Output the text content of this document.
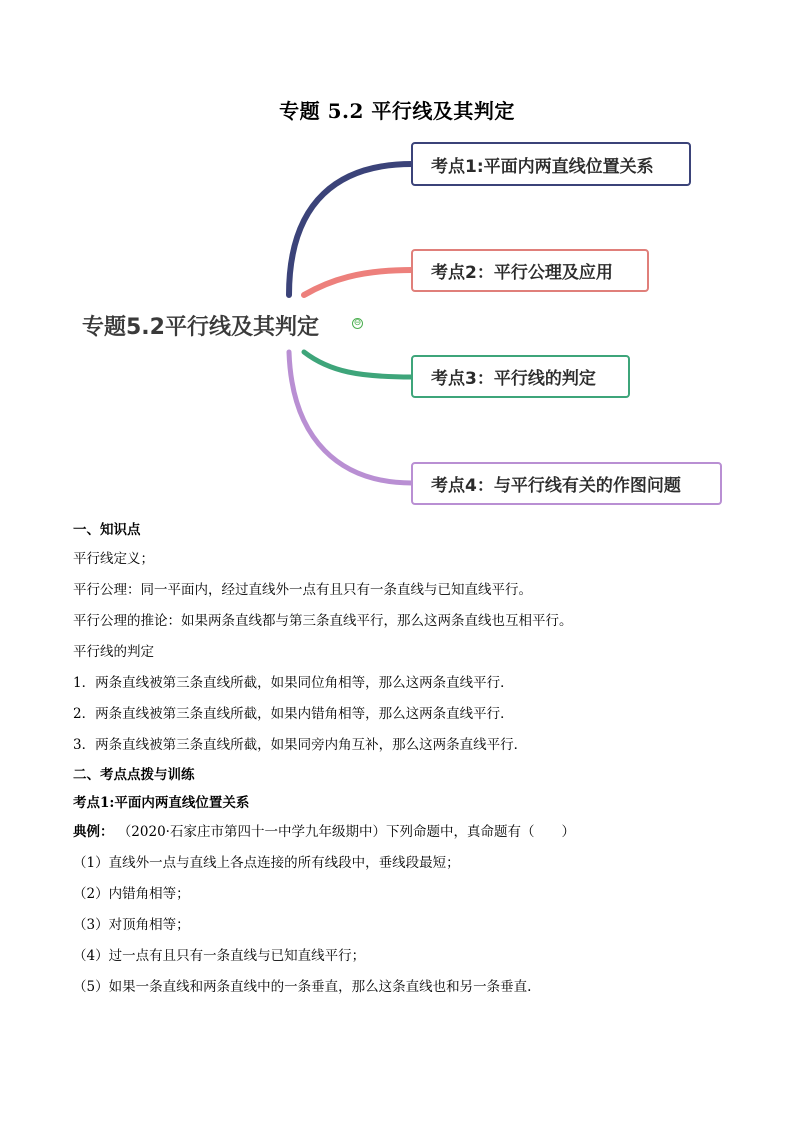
专题 5.2 平行线及其判定
专题5.2平行线及其判定	⊖
考点1:平面内两直线位置关系
考点2：平行公理及应用
考点3：平行线的判定
考点4：与平行线有关的作图问题
一、知识点
平行线定义；
平行公理：同一平面内，经过直线外一点有且只有一条直线与已知直线平行。
平行公理的推论：如果两条直线都与第三条直线平行，那么这两条直线也互相平行。
平行线的判定
1．两条直线被第三条直线所截，如果同位角相等，那么这两条直线平行．
2．两条直线被第三条直线所截，如果内错角相等，那么这两条直线平行．
3．两条直线被第三条直线所截，如果同旁内角互补，那么这两条直线平行．
二、考点点拨与训练
考点1:平面内两直线位置关系
典例： （2020·石家庄市第四十一中学九年级期中）下列命题中，真命题有（　　）
（1）直线外一点与直线上各点连接的所有线段中，垂线段最短；
（2）内错角相等；
（3）对顶角相等；
（4）过一点有且只有一条直线与已知直线平行；
（5）如果一条直线和两条直线中的一条垂直，那么这条直线也和另一条垂直.
